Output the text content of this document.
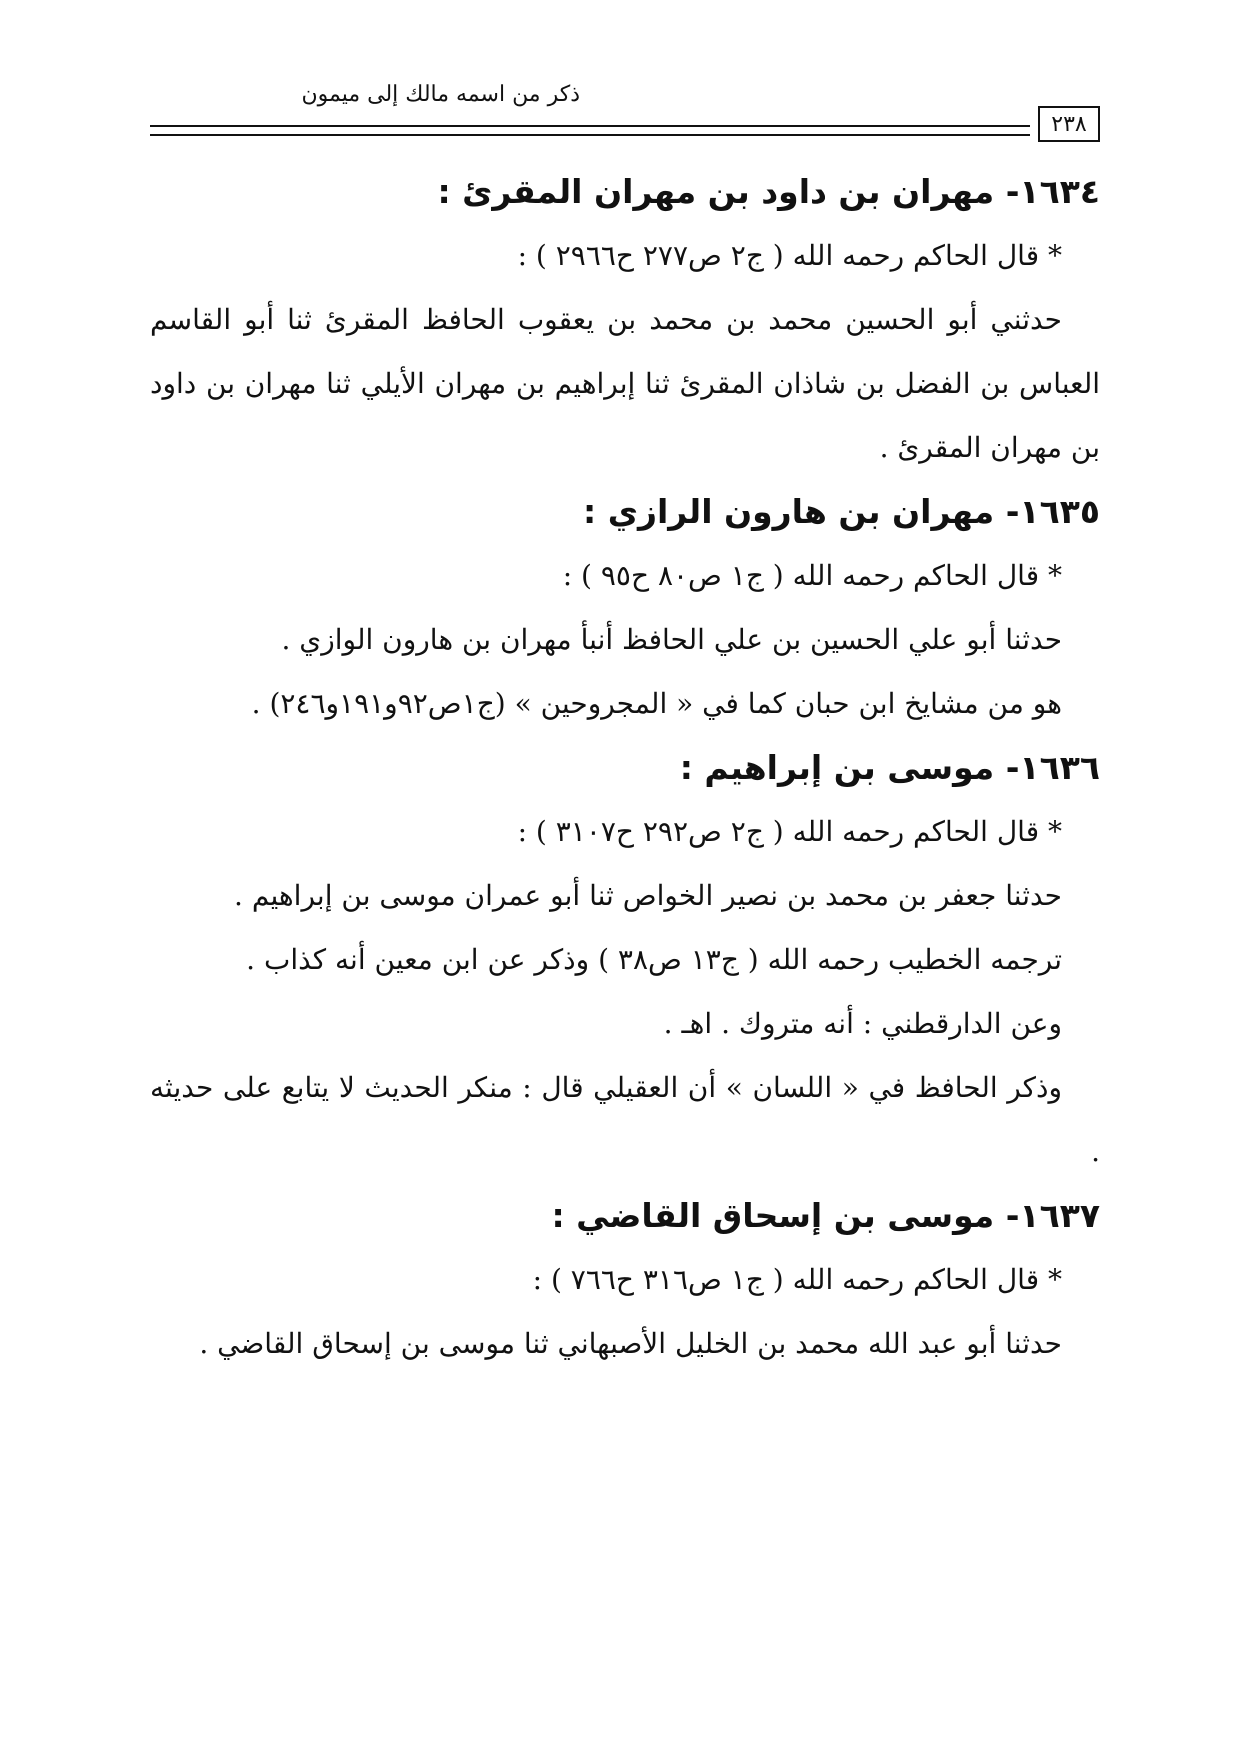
ذكر من اسمه مالك إلى ميمون
٢٣٨
١٦٣٤- مهران بن داود بن مهران المقرئ :

* قال الحاكم رحمه الله ( ج٢ ص٢٧٧ ح٢٩٦٦ ) :

حدثني أبو الحسين محمد بن محمد بن يعقوب الحافظ المقرئ ثنا أبو القاسم العباس بن الفضل بن شاذان المقرئ ثنا إبراهيم بن مهران الأيلي ثنا مهران بن داود بن مهران المقرئ .

١٦٣٥- مهران بن هارون الرازي :

* قال الحاكم رحمه الله ( ج١ ص٨٠ ح٩٥ ) :

حدثنا أبو علي الحسين بن علي الحافظ أنبأ مهران بن هارون الوازي .

هو من مشايخ ابن حبان كما في « المجروحين » (ج١ص٩٢و١٩١و٢٤٦) .

١٦٣٦- موسى بن إبراهيم :

* قال الحاكم رحمه الله ( ج٢ ص٢٩٢ ح٣١٠٧ ) :

حدثنا جعفر بن محمد بن نصير الخواص ثنا أبو عمران موسى بن إبراهيم .

ترجمه الخطيب رحمه الله ( ج١٣ ص٣٨ ) وذكر عن ابن معين أنه كذاب .

وعن الدارقطني : أنه متروك . اهـ .

وذكر الحافظ في « اللسان » أن العقيلي قال : منكر الحديث لا يتابع على حديثه .

١٦٣٧- موسى بن إسحاق القاضي :

* قال الحاكم رحمه الله ( ج١ ص٣١٦ ح٧٦٦ ) :

حدثنا أبو عبد الله محمد بن الخليل الأصبهاني ثنا موسى بن إسحاق القاضي .
